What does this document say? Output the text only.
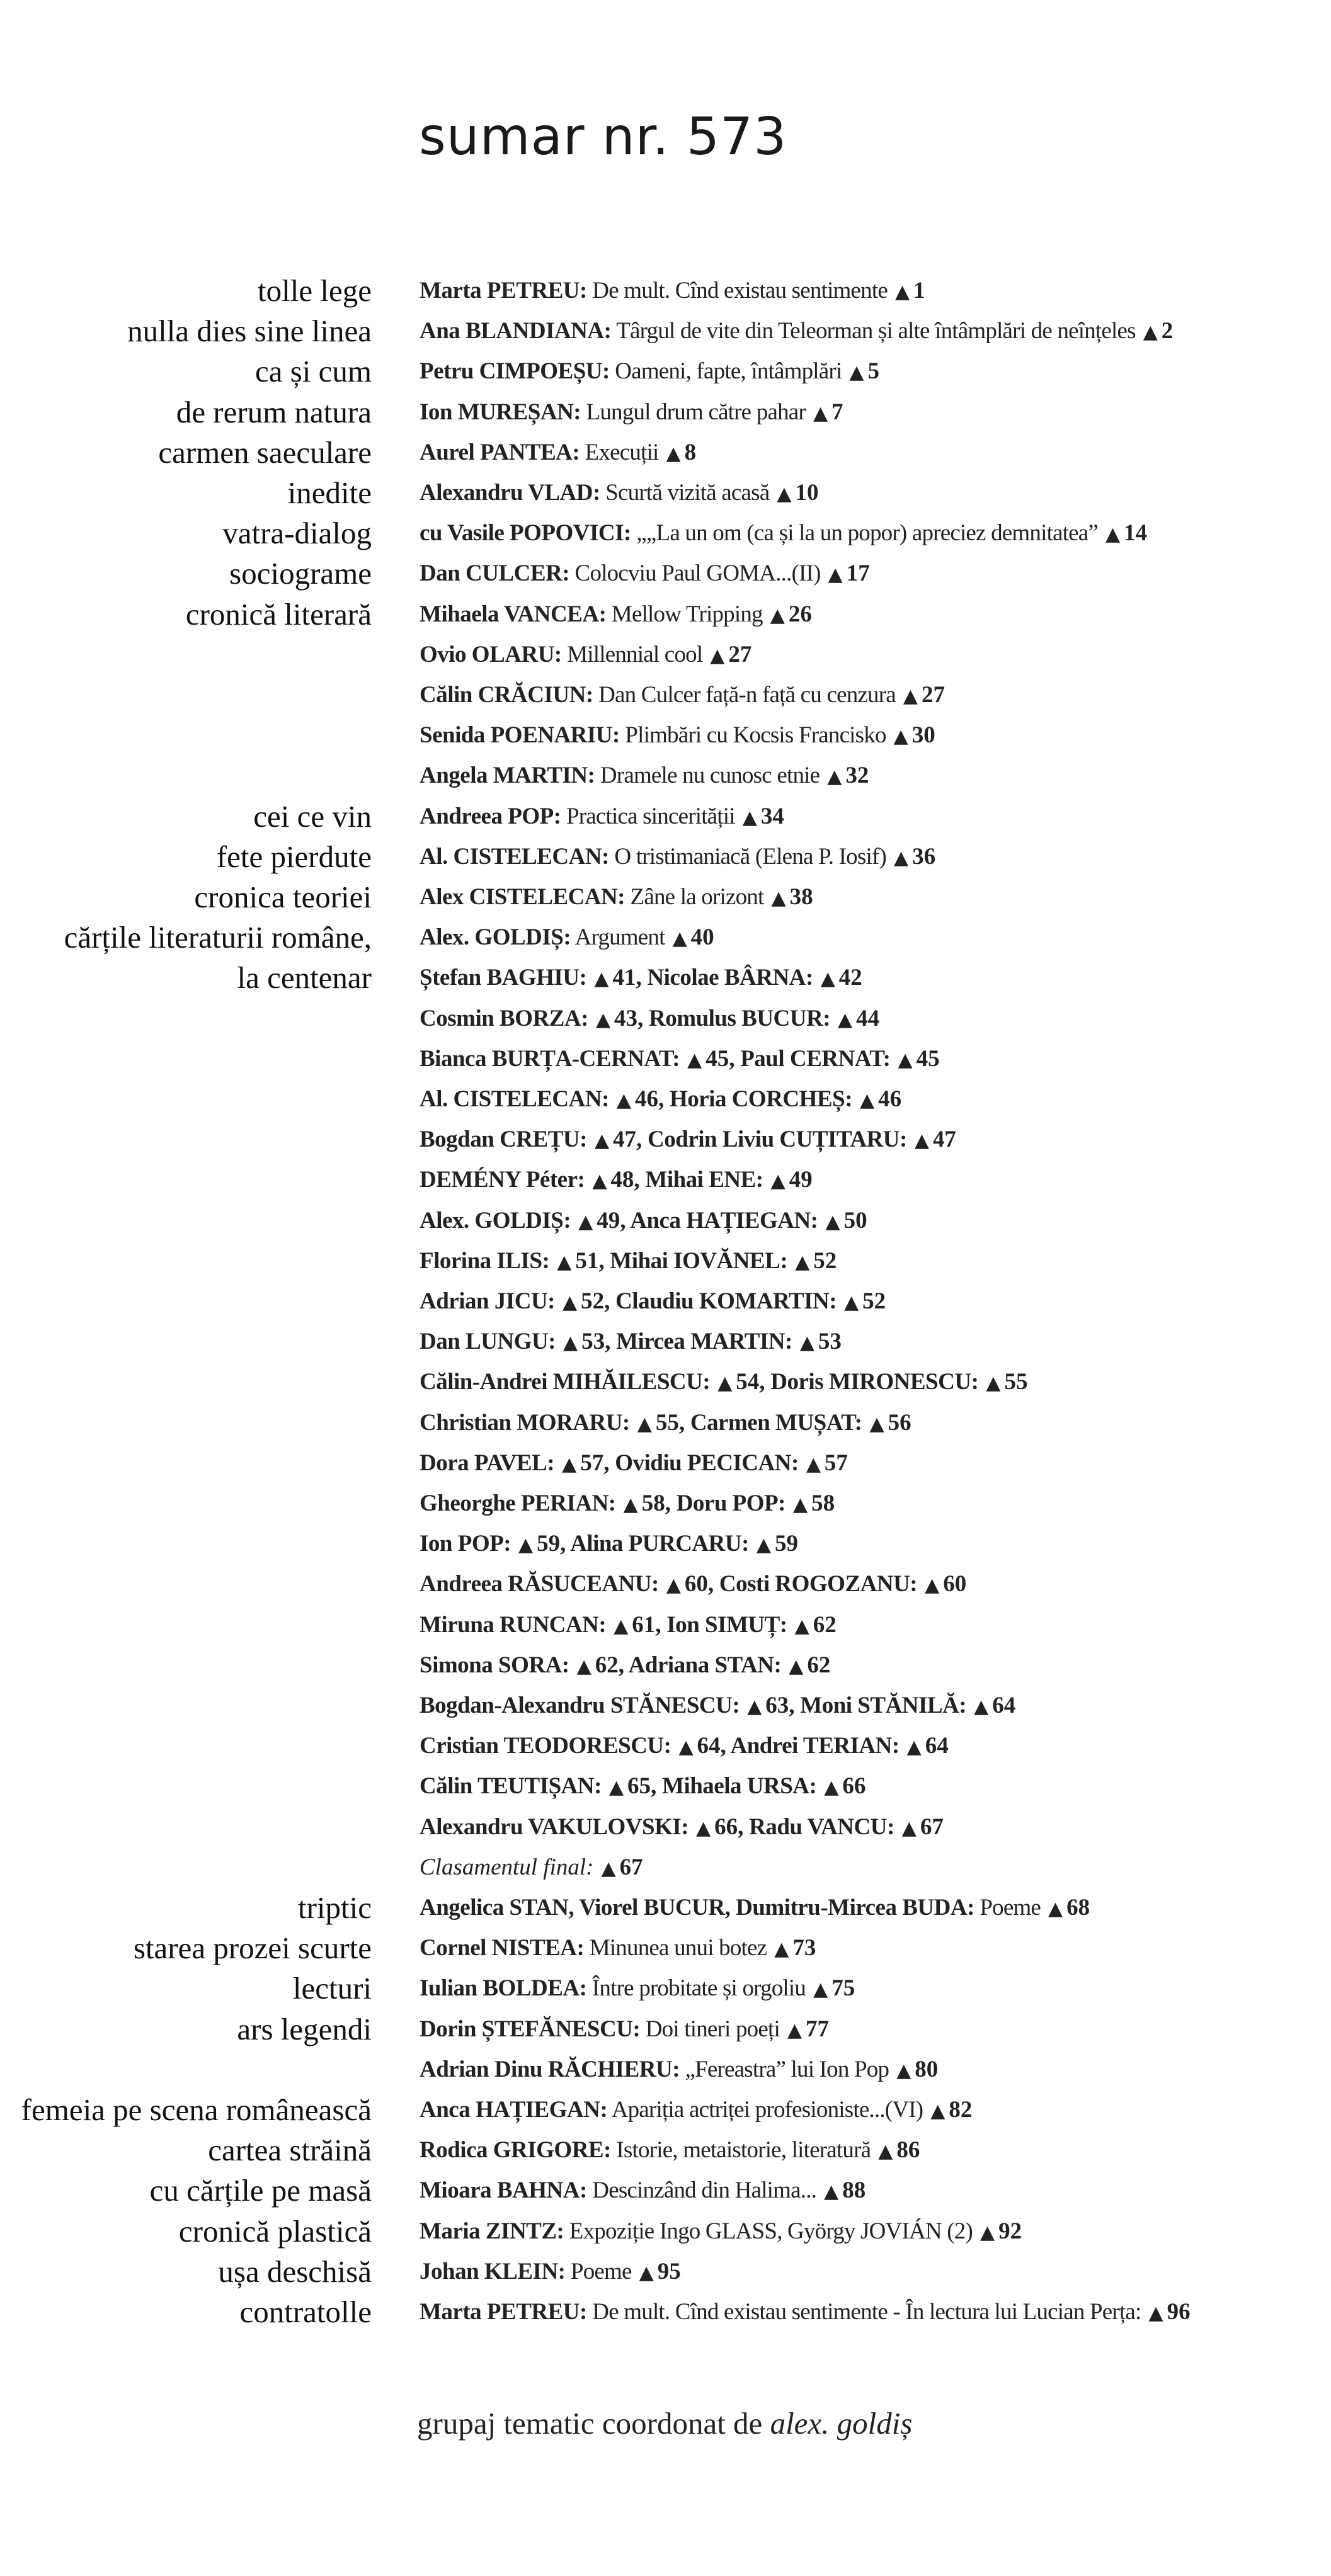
sumar nr. 573
tolle lege Marta PETREU: De mult. Cînd existau sentimente ▲ 1
nulla dies sine linea Ana BLANDIANA: Târgul de vite din Teleorman și alte întâmplări de neînțeles ▲ 2
ca și cum Petru CIMPOEȘU: Oameni, fapte, întâmplări ▲ 5
de rerum natura Ion MUREȘAN: Lungul drum către pahar ▲ 7
carmen saeculare Aurel PANTEA: Execuții ▲ 8
inedite Alexandru VLAD: Scurtă vizită acasă ▲ 10
vatra-dialog cu Vasile POPOVICI: „„La un om (ca și la un popor) apreciez demnitatea” ▲ 14
sociograme Dan CULCER: Colocviu Paul GOMA...(II) ▲ 17
cronică literară Mihaela VANCEA: Mellow Tripping ▲ 26
Ovio OLARU: Millennial cool ▲ 27
Călin CRĂCIUN: Dan Culcer față-n față cu cenzura ▲ 27
Senida POENARIU: Plimbări cu Kocsis Francisko ▲ 30
Angela MARTIN: Dramele nu cunosc etnie ▲ 32
cei ce vin Andreea POP: Practica sincerității ▲ 34
fete pierdute Al. CISTELECAN: O tristimaniacă (Elena P. Iosif) ▲ 36
cronica teoriei Alex CISTELECAN: Zâne la orizont ▲ 38
cărțile literaturii române, Alex. GOLDIȘ: Argument ▲ 40
la centenar Ștefan BAGHIU: ▲ 41, Nicolae BÂRNA: ▲ 42
Cosmin BORZA: ▲ 43, Romulus BUCUR: ▲ 44
Bianca BURȚA-CERNAT: ▲ 45, Paul CERNAT: ▲ 45
Al. CISTELECAN: ▲ 46, Horia CORCHEȘ: ▲ 46
Bogdan CREȚU: ▲ 47, Codrin Liviu CUȚITARU: ▲ 47
DEMÉNY Péter: ▲ 48, Mihai ENE: ▲ 49
Alex. GOLDIȘ: ▲ 49, Anca HAȚIEGAN: ▲ 50
Florina ILIS: ▲ 51, Mihai IOVĂNEL: ▲ 52
Adrian JICU: ▲ 52, Claudiu KOMARTIN: ▲ 52
Dan LUNGU: ▲ 53, Mircea MARTIN: ▲ 53
Călin-Andrei MIHĂILESCU: ▲ 54, Doris MIRONESCU: ▲ 55
Christian MORARU: ▲ 55, Carmen MUȘAT: ▲ 56
Dora PAVEL: ▲ 57, Ovidiu PECICAN: ▲ 57
Gheorghe PERIAN: ▲ 58, Doru POP: ▲ 58
Ion POP: ▲ 59, Alina PURCARU: ▲ 59
Andreea RĂSUCEANU: ▲ 60, Costi ROGOZANU: ▲ 60
Miruna RUNCAN: ▲ 61, Ion SIMUȚ: ▲ 62
Simona SORA: ▲ 62, Adriana STAN: ▲ 62
Bogdan-Alexandru STĂNESCU: ▲ 63, Moni STĂNILĂ: ▲ 64
Cristian TEODORESCU: ▲ 64, Andrei TERIAN: ▲ 64
Călin TEUTIȘAN: ▲ 65, Mihaela URSA: ▲ 66
Alexandru VAKULOVSKI: ▲ 66, Radu VANCU: ▲ 67
Clasamentul final: ▲ 67
triptic Angelica STAN, Viorel BUCUR, Dumitru-Mircea BUDA: Poeme ▲ 68
starea prozei scurte Cornel NISTEA: Minunea unui botez ▲ 73
lecturi Iulian BOLDEA: Între probitate și orgoliu ▲ 75
ars legendi Dorin ȘTEFĂNESCU: Doi tineri poeți ▲ 77
Adrian Dinu RĂCHIERU: „Fereastra” lui Ion Pop ▲ 80
femeia pe scena românească Anca HAȚIEGAN: Apariția actriței profesioniste...(VI) ▲ 82
cartea străină Rodica GRIGORE: Istorie, metaistorie, literatură ▲ 86
cu cărțile pe masă Mioara BAHNA: Descinzând din Halima... ▲ 88
cronică plastică Maria ZINTZ: Expoziție Ingo GLASS, György JOVIÁN (2) ▲ 92
ușa deschisă Johan KLEIN: Poeme ▲ 95
contratolle Marta PETREU: De mult. Cînd existau sentimente - În lectura lui Lucian Perța: ▲ 96
grupaj tematic coordonat de alex. goldiș
